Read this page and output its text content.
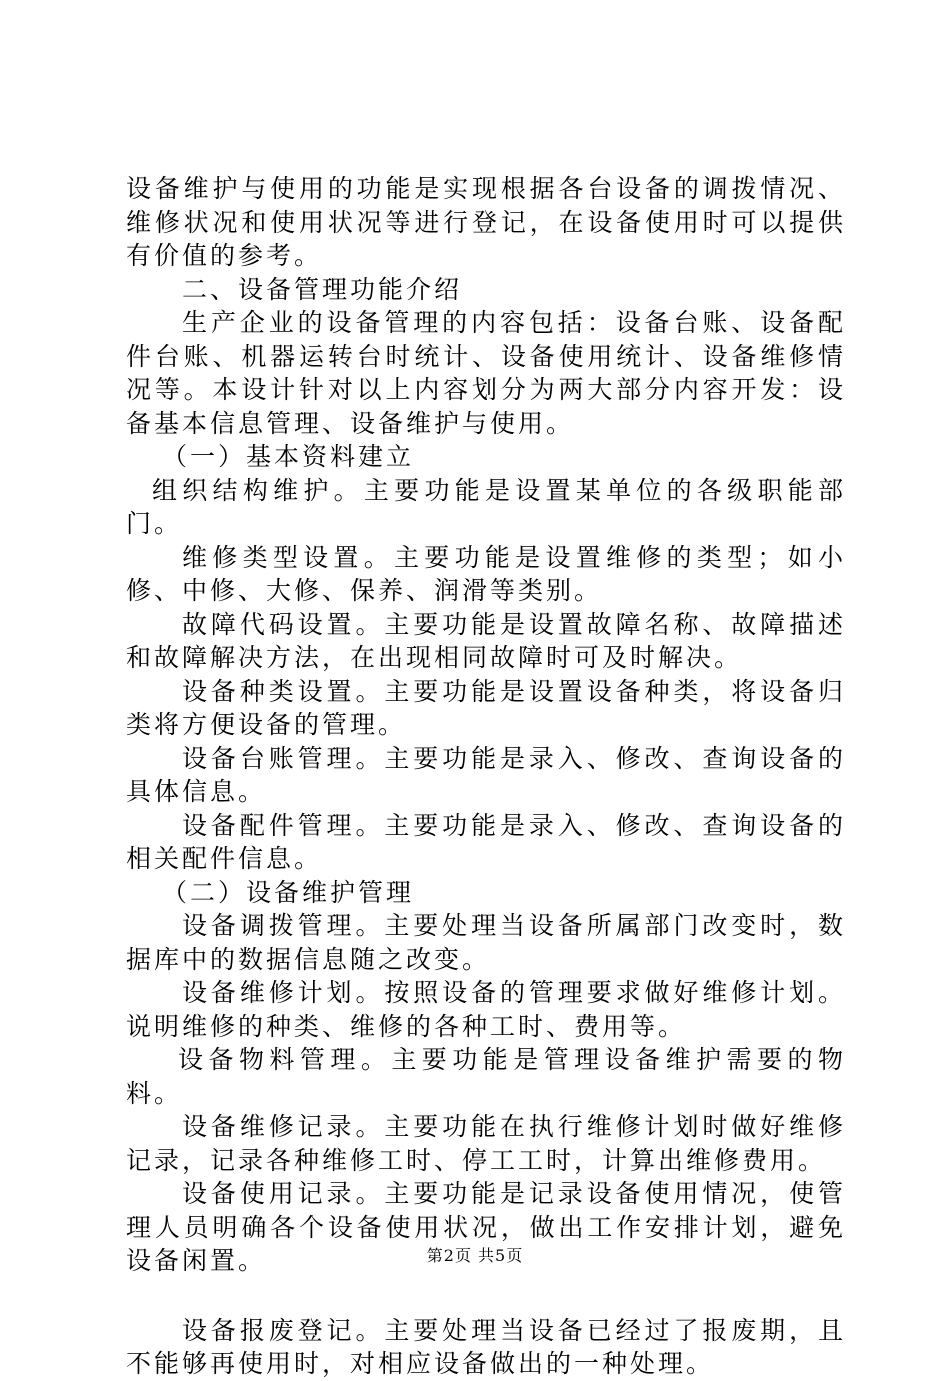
设备维护与使用的功能是实现根据各台设备的调拨情况、维修状况和使用状况等进行登记，在设备使用时可以提供有价值的参考。

二、设备管理功能介绍

生产企业的设备管理的内容包括：设备台账、设备配件台账、机器运转台时统计、设备使用统计、设备维修情况等。本设计针对以上内容划分为两大部分内容开发：设备基本信息管理、设备维护与使用。

（一）基本资料建立

组织结构维护。主要功能是设置某单位的各级职能部门。

维修类型设置。主要功能是设置维修的类型；如小修、中修、大修、保养、润滑等类别。

故障代码设置。主要功能是设置故障名称、故障描述和故障解决方法，在出现相同故障时可及时解决。

设备种类设置。主要功能是设置设备种类，将设备归类将方便设备的管理。

设备台账管理。主要功能是录入、修改、查询设备的具体信息。

设备配件管理。主要功能是录入、修改、查询设备的相关配件信息。

（二）设备维护管理

设备调拨管理。主要处理当设备所属部门改变时，数据库中的数据信息随之改变。

设备维修计划。按照设备的管理要求做好维修计划。说明维修的种类、维修的各种工时、费用等。

设备物料管理。主要功能是管理设备维护需要的物料。

设备维修记录。主要功能在执行维修计划时做好维修记录，记录各种维修工时、停工工时，计算出维修费用。

设备使用记录。主要功能是记录设备使用情况，使管理人员明确各个设备使用状况，做出工作安排计划，避免设备闲置。

设备报废登记。主要处理当设备已经过了报废期，且不能够再使用时，对相应设备做出的一种处理。

第2页 共5页
